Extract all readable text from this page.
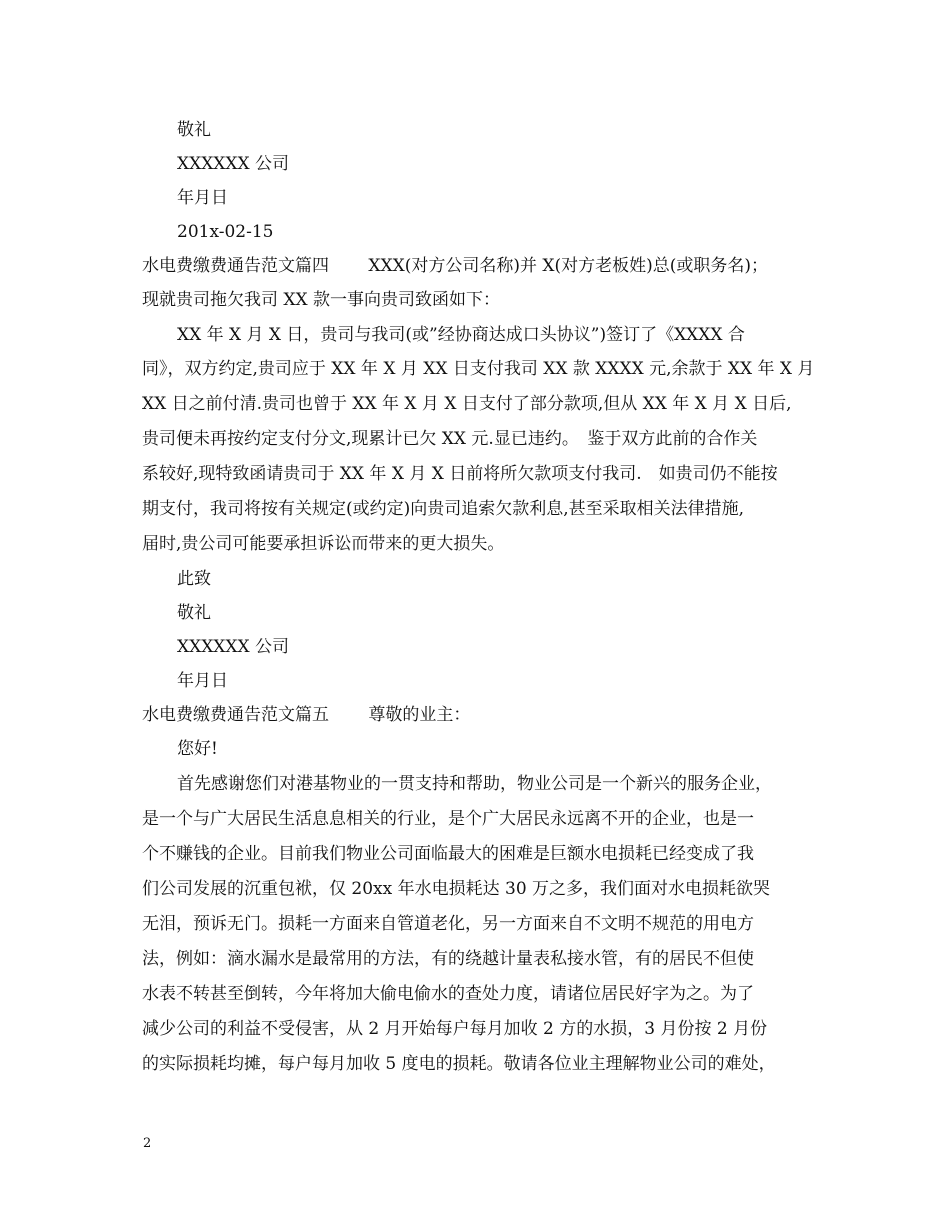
敬礼

XXXXXX 公司

年月日

201x-02-15

水电费缴费通告范文篇四　　 XXX(对方公司名称)并 X(对方老板姓)总(或职务名)；

现就贵司拖欠我司 XX 款一事向贵司致函如下：

XX 年 X 月 X 日，贵司与我司(或”经协商达成口头协议”)签订了《XXXX 合

同》，双方约定,贵司应于 XX 年 X 月 XX 日支付我司 XX 款 XXXX 元,余款于 XX 年 X 月

XX 日之前付清.贵司也曾于 XX 年 X 月 X 日支付了部分款项,但从 XX 年 X 月 X 日后,

贵司便未再按约定支付分文,现累计已欠 XX 元.显已违约。　鉴于双方此前的合作关

系较好,现特致函请贵司于 XX 年 X 月 X 日前将所欠款项支付我司.　如贵司仍不能按

期支付，我司将按有关规定(或约定)向贵司追索欠款利息,甚至采取相关法律措施,

届时,贵公司可能要承担诉讼而带来的更大损失。

此致

敬礼

XXXXXX 公司

年月日

水电费缴费通告范文篇五　　 尊敬的业主：

您好!

首先感谢您们对港基物业的一贯支持和帮助，物业公司是一个新兴的服务企业，

是一个与广大居民生活息息相关的行业，是个广大居民永远离不开的企业，也是一

个不赚钱的企业。目前我们物业公司面临最大的困难是巨额水电损耗已经变成了我

们公司发展的沉重包袱，仅 20xx 年水电损耗达 30 万之多，我们面对水电损耗欲哭

无泪，预诉无门。损耗一方面来自管道老化，另一方面来自不文明不规范的用电方

法，例如：滴水漏水是最常用的方法，有的绕越计量表私接水管，有的居民不但使

水表不转甚至倒转，今年将加大偷电偷水的查处力度，请诸位居民好字为之。为了

减少公司的利益不受侵害，从 2 月开始每户每月加收 2 方的水损，3 月份按 2 月份

的实际损耗均摊，每户每月加收 5 度电的损耗。敬请各位业主理解物业公司的难处，

2
